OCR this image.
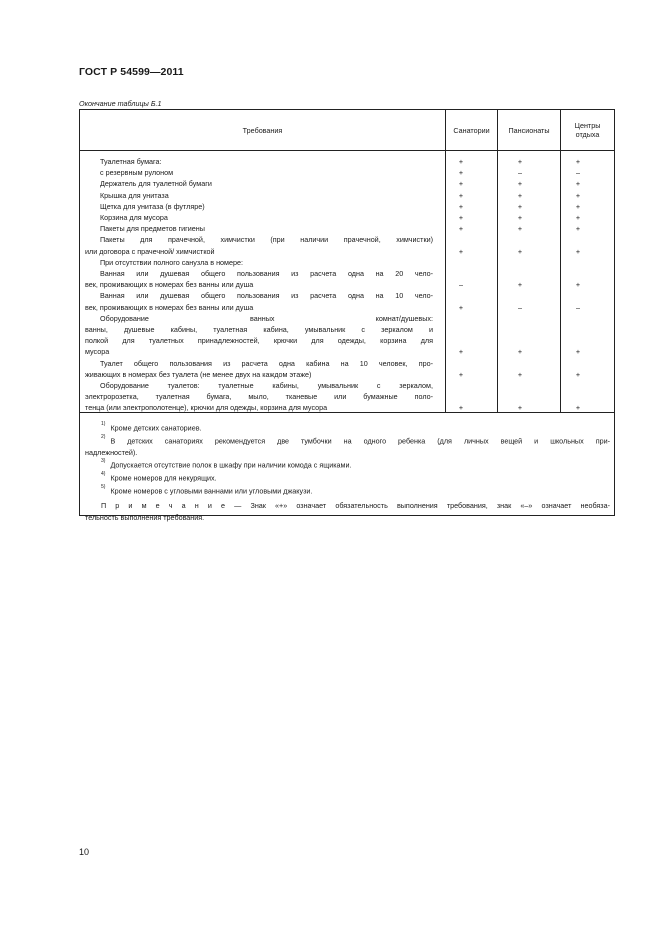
ГОСТ Р 54599—2011
Окончание таблицы Б.1
Требования	Санатории	Пансионаты	Центры
отдыха
Туалетная бумага:	+	+	+
с резервным рулоном	+	–	–
Держатель для туалетной бумаги	+	+	+
Крышка для унитаза	+	+	+
Щетка для унитаза (в футляре)	+	+	+
Корзина для мусора	+	+	+
Пакеты для предметов гигиены	+	+	+
Пакеты для прачечной, химчистки (при наличии прачечной, химчистки)
или договора с прачечной/ химчисткой	+	+	+
При отсутствии полного санузла в номере:
Ванная или душевая общего пользования из расчета одна на 20 чело-
век, проживающих в номерах без ванны или душа	–	+	+
Ванная или душевая общего пользования из расчета одна на 10 чело-
век, проживающих в номерах без ванны или душа	+	–	–
Оборудование ванных комнат/душевых:
ванны, душевые кабины, туалетная кабина, умывальник с зеркалом и
полкой для туалетных принадлежностей, крючки для одежды, корзина для
мусора	+	+	+
Туалет общего пользования из расчета одна кабина на 10 человек, про-
живающих в номерах без туалета (не менее двух на каждом этаже)	+	+	+
Оборудование туалетов: туалетные кабины, умывальник с зеркалом,
электророзетка, туалетная бумага, мыло, тканевые или бумажные поло-
тенца (или электрополотенце), крючки для одежды, корзина для мусора	+	+	+
$^{1)}$ Кроме детских санаториев.
$^{2)}$ В детских санаториях рекомендуется две тумбочки на одного ребенка (для личных вещей и школьных при-
надлежностей).
$^{3)}$ Допускается отсутствие полок в шкафу при наличии комода с ящиками.
$^{4)}$ Кроме номеров для некурящих.
$^{5)}$ Кроме номеров с угловыми ваннами или угловыми джакузи.
П р и м е ч а н и е — Знак «+» означает обязательность выполнения требования, знак «–» означает необяза-
тельность выполнения требования.
10
